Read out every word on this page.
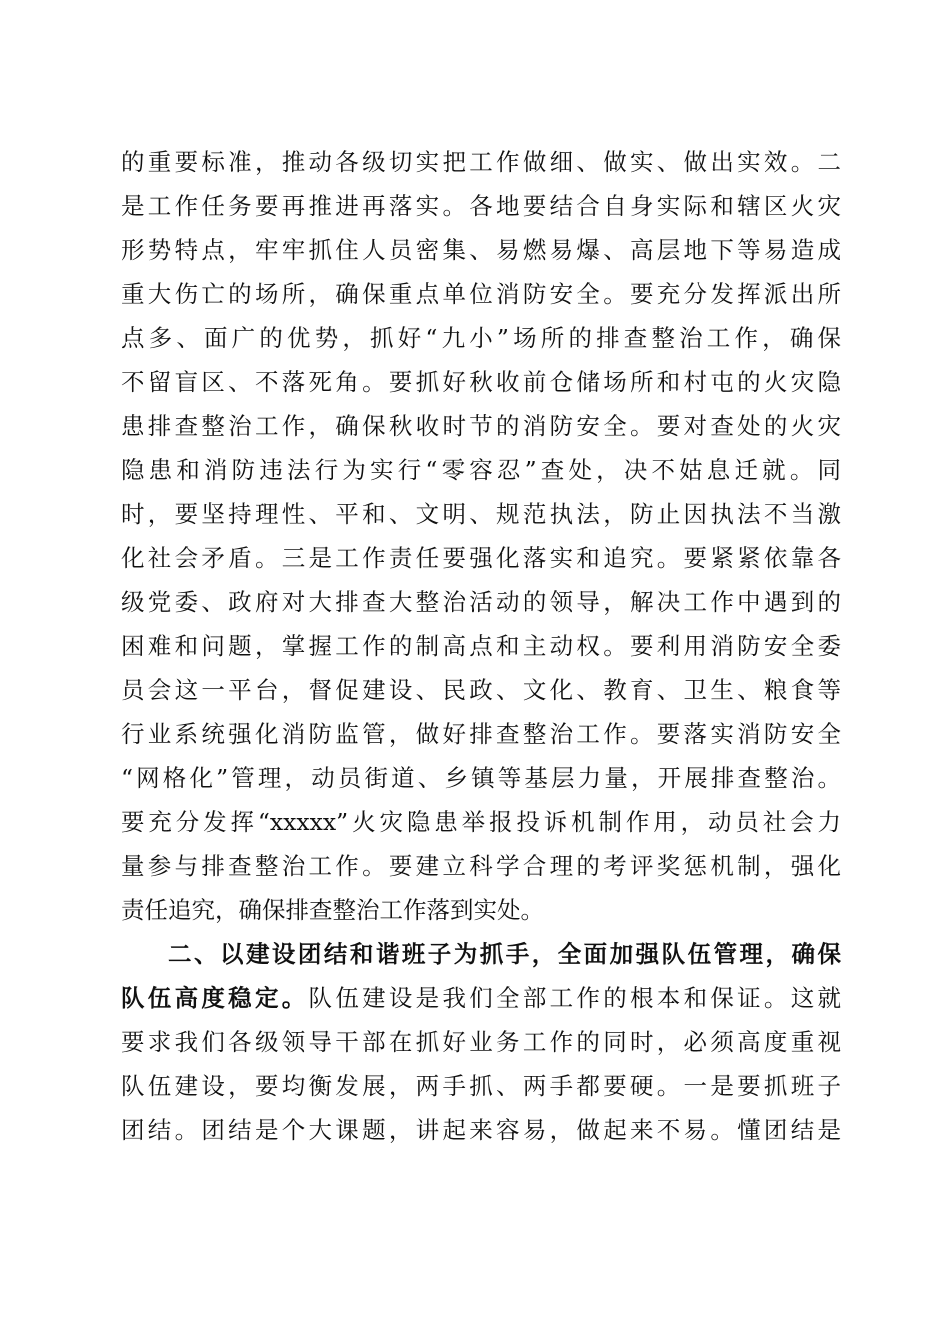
的重要标准，推动各级切实把工作做细、做实、做出实效。二
是工作任务要再推进再落实。各地要结合自身实际和辖区火灾
形势特点，牢牢抓住人员密集、易燃易爆、高层地下等易造成
重大伤亡的场所，确保重点单位消防安全。要充分发挥派出所
点多、面广的优势，抓好“九小”场所的排查整治工作，确保
不留盲区、不落死角。要抓好秋收前仓储场所和村屯的火灾隐
患排查整治工作，确保秋收时节的消防安全。要对查处的火灾
隐患和消防违法行为实行“零容忍”查处，决不姑息迁就。同
时，要坚持理性、平和、文明、规范执法，防止因执法不当激
化社会矛盾。三是工作责任要强化落实和追究。要紧紧依靠各
级党委、政府对大排查大整治活动的领导，解决工作中遇到的
困难和问题，掌握工作的制高点和主动权。要利用消防安全委
员会这一平台，督促建设、民政、文化、教育、卫生、粮食等
行业系统强化消防监管，做好排查整治工作。要落实消防安全
“网格化”管理，动员街道、乡镇等基层力量，开展排查整治。
要充分发挥“xxxxx”火灾隐患举报投诉机制作用，动员社会力
量参与排查整治工作。要建立科学合理的考评奖惩机制，强化
责任追究，确保排查整治工作落到实处。
二、以建设团结和谐班子为抓手，全面加强队伍管理，确保
队伍高度稳定。队伍建设是我们全部工作的根本和保证。这就
要求我们各级领导干部在抓好业务工作的同时，必须高度重视
队伍建设，要均衡发展，两手抓、两手都要硬。一是要抓班子
团结。团结是个大课题，讲起来容易，做起来不易。懂团结是
